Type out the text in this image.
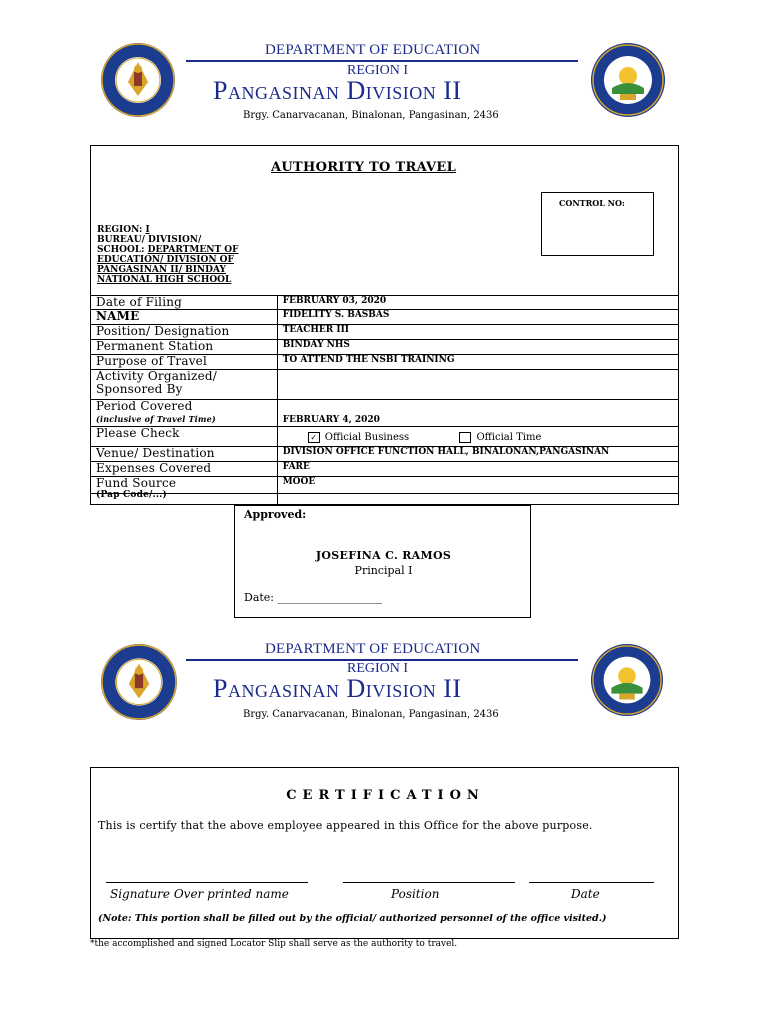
DEPARTMENT OF EDUCATION
REGION I
Pangasinan Division II
Brgy. Canarvacanan, Binalonan, Pangasinan, 2436
AUTHORITY TO TRAVEL
CONTROL NO:
REGION: I
BUREAU/ DIVISION/
SCHOOL: DEPARTMENT OF
EDUCATION/ DIVISION OF
PANGASINAN II/ BINDAY
NATIONAL HIGH SCHOOL
Date of Filing	FEBRUARY 03, 2020
NAME	FIDELITY S. BASBAS
Position/ Designation	TEACHER III
Permanent Station	BINDAY NHS
Purpose of Travel	TO ATTEND THE NSBI TRAINING

Activity Organized/
Sponsored By	

Period Covered
(inclusive of Travel Time)	FEBRUARY 4, 2020
Please Check	✓ Official Business Official Time
Venue/ Destination	DIVISION OFFICE FUNCTION HALL, BINALONAN,PANGASINAN
Expenses Covered	FARE

Fund Source
(Pap Code/...)	MOOE
Approved:
JOSEFINA C. RAMOS
Principal I
Date: ___________________
DEPARTMENT OF EDUCATION
REGION I
Pangasinan Division II
Brgy. Canarvacanan, Binalonan, Pangasinan, 2436
CERTIFICATION
This is certify that the above employee appeared in this Office for the above purpose.
Signature Over printed name	Position	Date
(Note: This portion shall be filled out by the official/ authorized personnel of the office visited.)
*the accomplished and signed Locator Slip shall serve as the authority to travel.
